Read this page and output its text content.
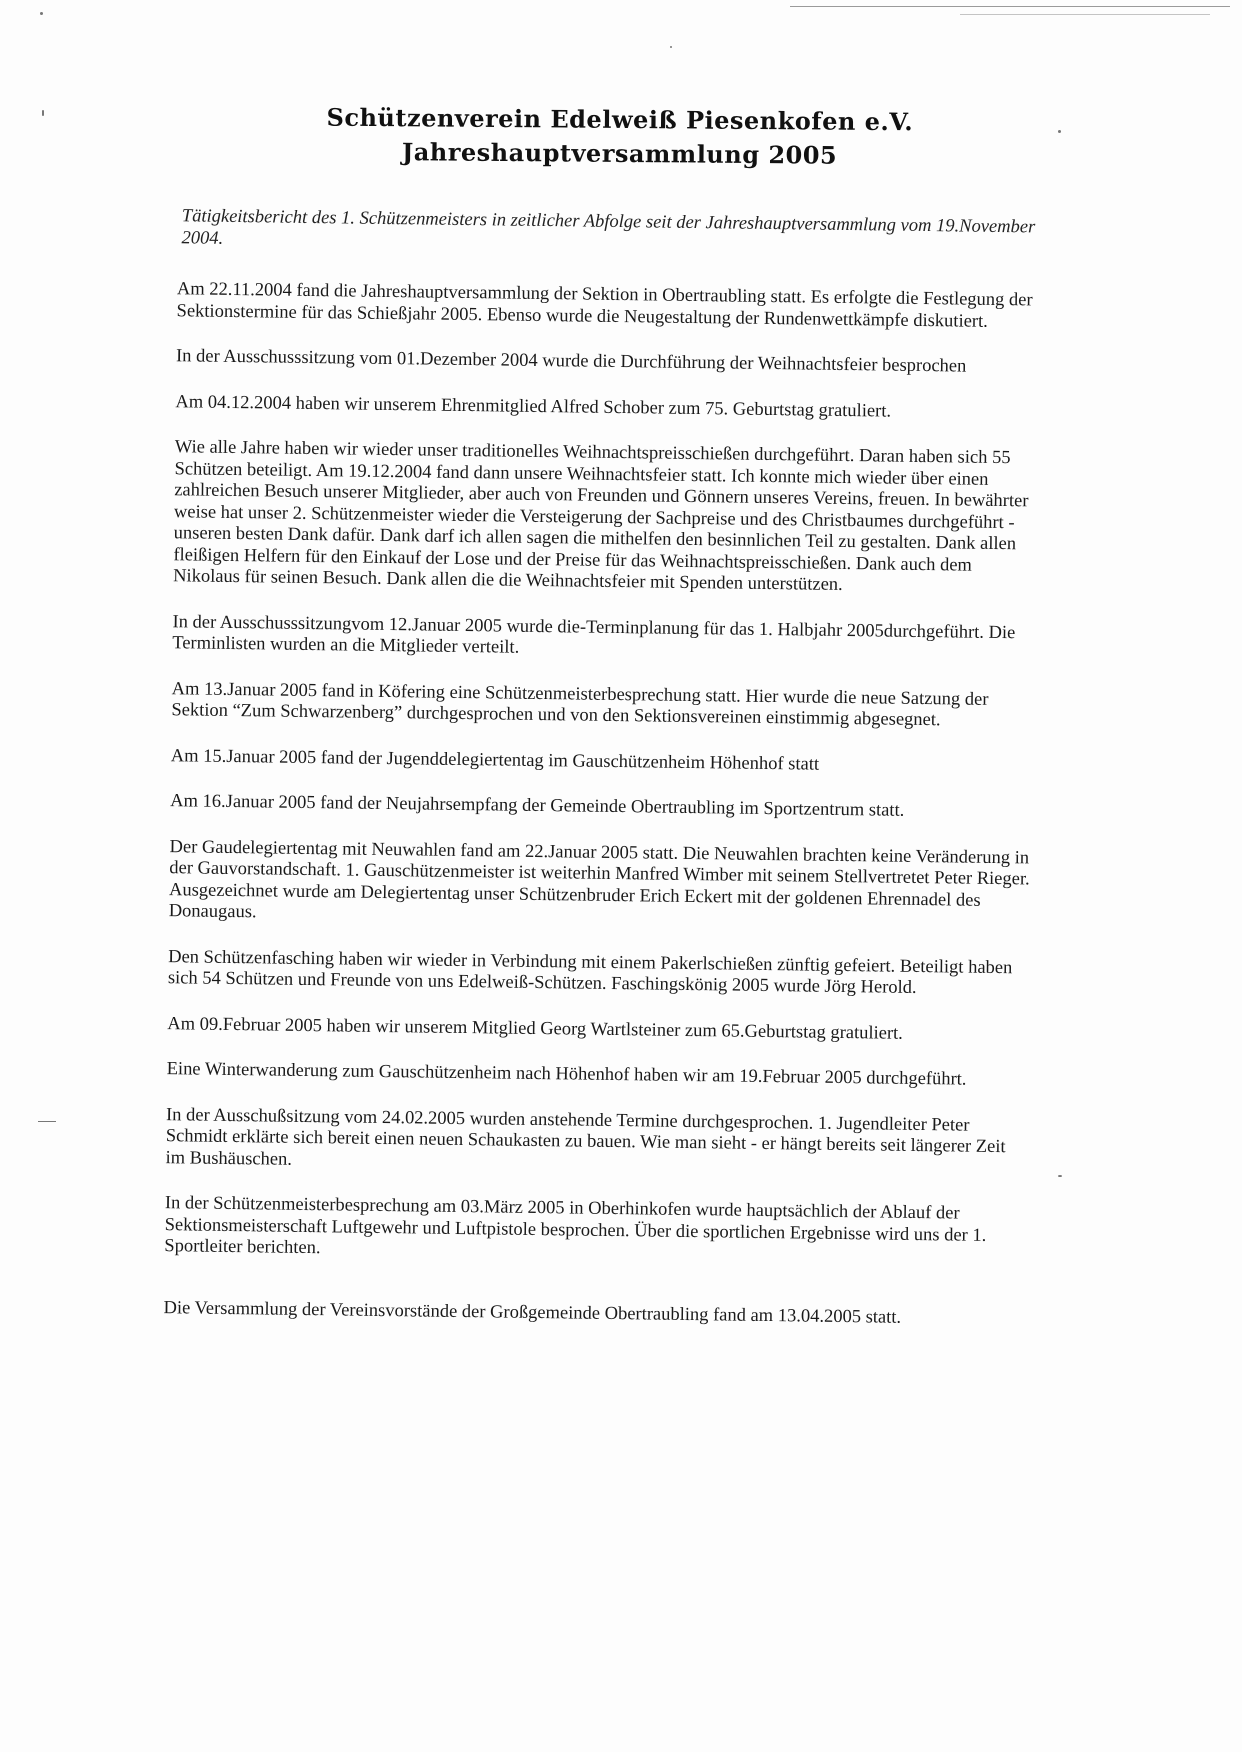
Schützenverein Edelweiß Piesenkofen e.V.
Jahreshauptversammlung 2005

Tätigkeitsbericht des 1. Schützenmeisters in zeitlicher Abfolge seit der Jahreshauptversammlung vom 19.November 2004.

Am 22.11.2004 fand die Jahreshauptversammlung der Sektion in Obertraubling statt. Es erfolgte die Festlegung der Sektionstermine für das Schießjahr 2005. Ebenso wurde die Neugestaltung der Rundenwettkämpfe diskutiert.

In der Ausschusssitzung vom 01.Dezember 2004 wurde die Durchführung der Weihnachtsfeier besprochen

Am 04.12.2004 haben wir unserem Ehrenmitglied Alfred Schober zum 75. Geburtstag gratuliert.

Wie alle Jahre haben wir wieder unser traditionelles Weihnachtspreisschießen durchgeführt. Daran haben sich 55 Schützen beteiligt. Am 19.12.2004 fand dann unsere Weihnachtsfeier statt. Ich konnte mich wieder über einen zahlreichen Besuch unserer Mitglieder, aber auch von Freunden und Gönnern unseres Vereins, freuen. In bewährter weise hat unser 2. Schützenmeister wieder die Versteigerung der Sachpreise und des Christbaumes durchgeführt - unseren besten Dank dafür. Dank darf ich allen sagen die mithelfen den besinnlichen Teil zu gestalten. Dank allen fleißigen Helfern für den Einkauf der Lose und der Preise für das Weihnachtspreisschießen. Dank auch dem Nikolaus für seinen Besuch. Dank allen die die Weihnachtsfeier mit Spenden unterstützen.

In der Ausschusssitzungvom 12.Januar 2005 wurde die-Terminplanung für das 1. Halbjahr 2005durchgeführt. Die Terminlisten wurden an die Mitglieder verteilt.

Am 13.Januar 2005 fand in Köfering eine Schützenmeisterbesprechung statt. Hier wurde die neue Satzung der Sektion “Zum Schwarzenberg” durchgesprochen und von den Sektionsvereinen einstimmig abgesegnet.

Am 15.Januar 2005 fand der Jugenddelegiertentag im Gauschützenheim Höhenhof statt

Am 16.Januar 2005 fand der Neujahrsempfang der Gemeinde Obertraubling im Sportzentrum statt.

Der Gaudelegiertentag mit Neuwahlen fand am 22.Januar 2005 statt. Die Neuwahlen brachten keine Veränderung in der Gauvorstandschaft. 1. Gauschützenmeister ist weiterhin Manfred Wimber mit seinem Stellvertretet Peter Rieger. Ausgezeichnet wurde am Delegiertentag unser Schützenbruder Erich Eckert mit der goldenen Ehrennadel des Donaugaus.

Den Schützenfasching haben wir wieder in Verbindung mit einem Pakerlschießen zünftig gefeiert. Beteiligt haben sich 54 Schützen und Freunde von uns Edelweiß-Schützen. Faschingskönig 2005 wurde Jörg Herold.

Am 09.Februar 2005 haben wir unserem Mitglied Georg Wartlsteiner zum 65.Geburtstag gratuliert.

Eine Winterwanderung zum Gauschützenheim nach Höhenhof haben wir am 19.Februar 2005 durchgeführt.

In der Ausschußsitzung vom 24.02.2005 wurden anstehende Termine durchgesprochen. 1. Jugendleiter Peter Schmidt erklärte sich bereit einen neuen Schaukasten zu bauen. Wie man sieht - er hängt bereits seit längerer Zeit im Bushäuschen.

In der Schützenmeisterbesprechung am 03.März 2005 in Oberhinkofen wurde hauptsächlich der Ablauf der Sektionsmeisterschaft Luftgewehr und Luftpistole besprochen. Über die sportlichen Ergebnisse wird uns der 1. Sportleiter berichten.

Die Versammlung der Vereinsvorstände der Großgemeinde Obertraubling fand am 13.04.2005 statt.
